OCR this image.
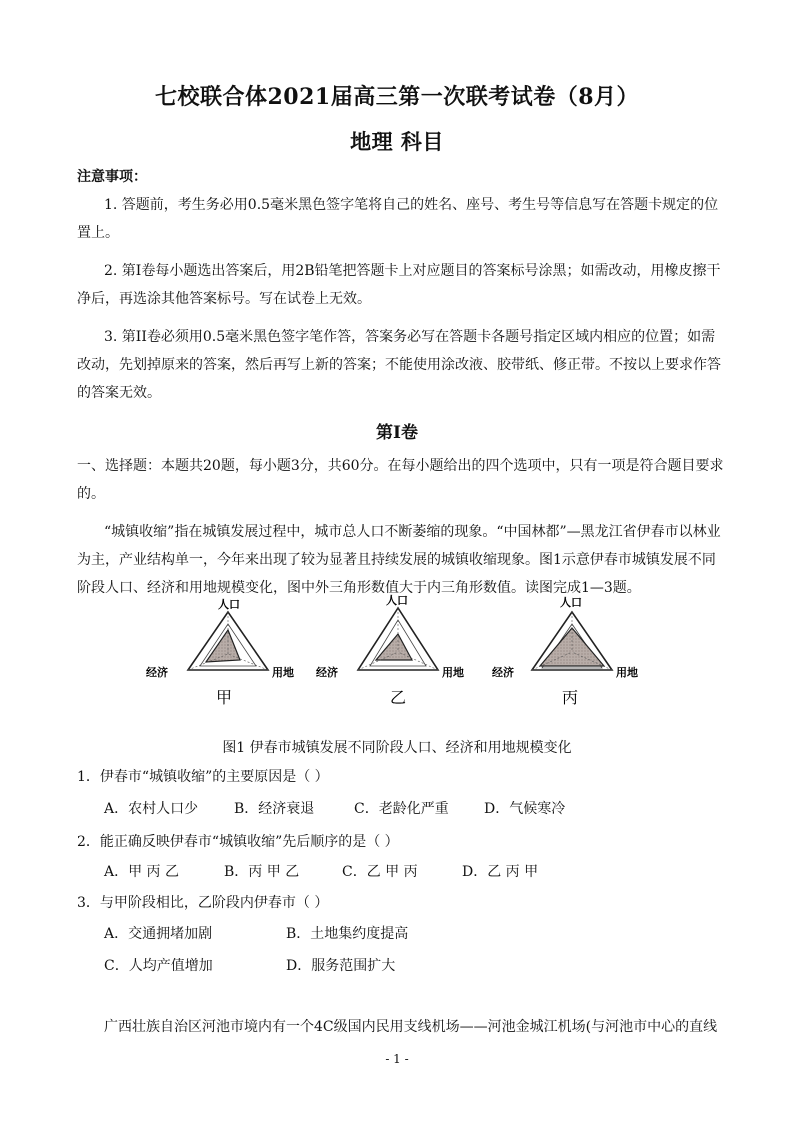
七校联合体2021届高三第一次联考试卷（8月）
地理 科目
注意事项：
1. 答题前，考生务必用0.5毫米黑色签字笔将自己的姓名、座号、考生号等信息写在答题卡规定的位置上。
2. 第I卷每小题选出答案后，用2B铅笔把答题卡上对应题目的答案标号涂黑；如需改动，用橡皮擦干净后，再选涂其他答案标号。写在试卷上无效。
3. 第II卷必须用0.5毫米黑色签字笔作答，答案务必写在答题卡各题号指定区域内相应的位置；如需改动，先划掉原来的答案，然后再写上新的答案；不能使用涂改液、胶带纸、修正带。不按以上要求作答的答案无效。
第I卷
一、选择题：本题共20题，每小题3分，共60分。在每小题给出的四个选项中，只有一项是符合题目要求的。
“城镇收缩”指在城镇发展过程中，城市总人口不断萎缩的现象。“中国林都”—黑龙江省伊春市以林业为主，产业结构单一，今年来出现了较为显著且持续发展的城镇收缩现象。图1示意伊春市城镇发展不同阶段人口、经济和用地规模变化，图中外三角形数值大于内三角形数值。读图完成1—3题。
人口
经济	用地
甲
人口
经济	用地
乙
人口
经济	用地
丙
图1 伊春市城镇发展不同阶段人口、经济和用地规模变化
1．伊春市“城镇收缩”的主要原因是（ ）
A．农村人口少	B．经济衰退	C．老龄化严重	D．气候寒冷
2．能正确反映伊春市“城镇收缩”先后顺序的是（ ）
A．甲 丙 乙	B．丙 甲 乙	C．乙 甲 丙	D．乙 丙 甲
3．与甲阶段相比，乙阶段内伊春市（ ）
A．交通拥堵加剧	B．土地集约度提高
C．人均产值增加	D．服务范围扩大
广西壮族自治区河池市境内有一个4C级国内民用支线机场——河池金城江机场(与河池市中心的直线
- 1 -
